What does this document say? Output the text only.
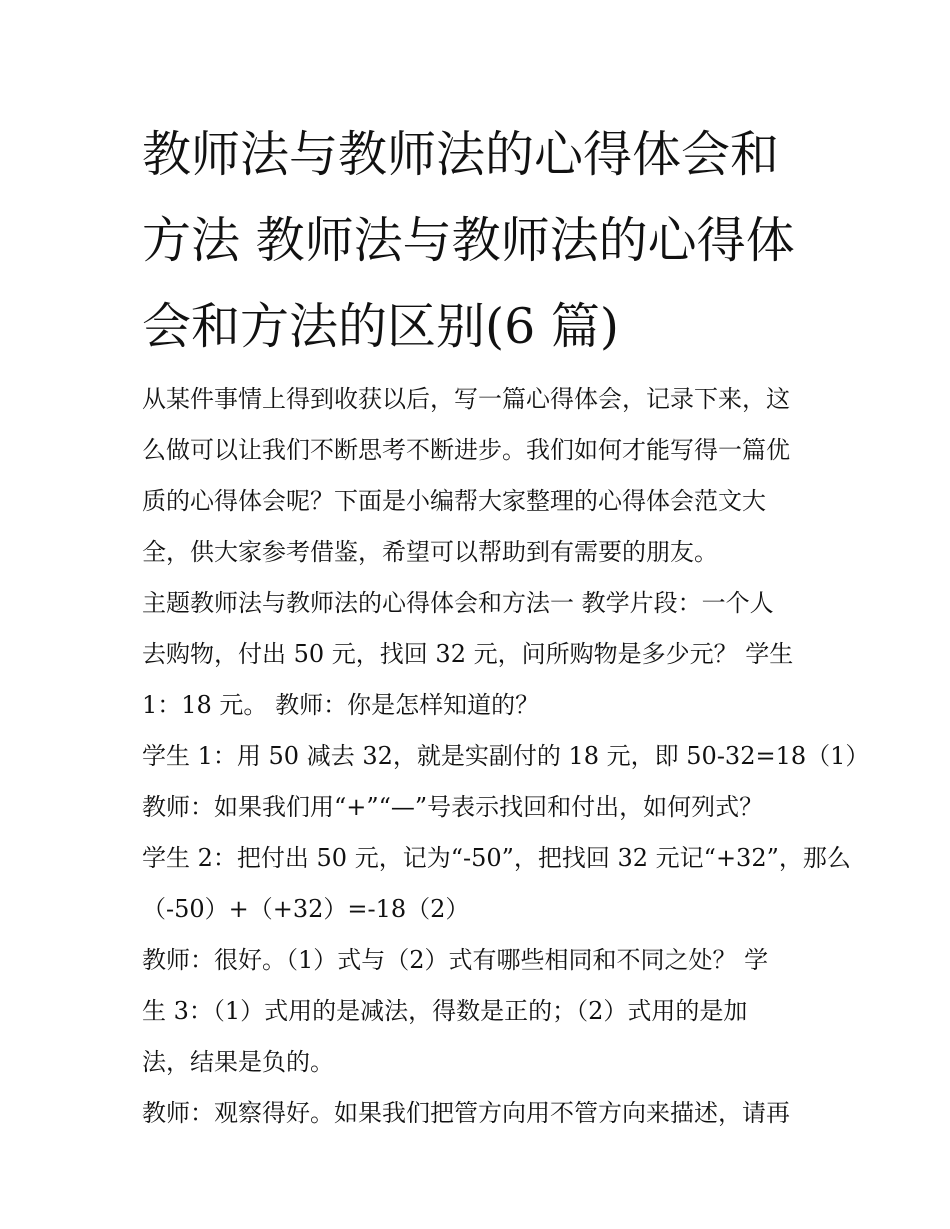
教师法与教师法的心得体会和
方法 教师法与教师法的心得体
会和方法的区别(6 篇)
从某件事情上得到收获以后，写一篇心得体会，记录下来，这
么做可以让我们不断思考不断进步。我们如何才能写得一篇优
质的心得体会呢？下面是小编帮大家整理的心得体会范文大
全，供大家参考借鉴，希望可以帮助到有需要的朋友。
主题教师法与教师法的心得体会和方法一 教学片段：一个人
去购物，付出 50 元，找回 32 元，问所购物是多少元？ 学生
1：18 元。 教师：你是怎样知道的？
学生 1：用 50 减去 32，就是实副付的 18 元，即 50-32=18（1）
教师：如果我们用“+”“—”号表示找回和付出，如何列式？
学生 2：把付出 50 元，记为“-50”，把找回 32 元记“+32”，那么
（-50）+（+32）=-18（2）
教师：很好。（1）式与（2）式有哪些相同和不同之处？ 学
生 3：（1）式用的是减法，得数是正的；（2）式用的是加
法，结果是负的。
教师：观察得好。如果我们把管方向用不管方向来描述，请再
